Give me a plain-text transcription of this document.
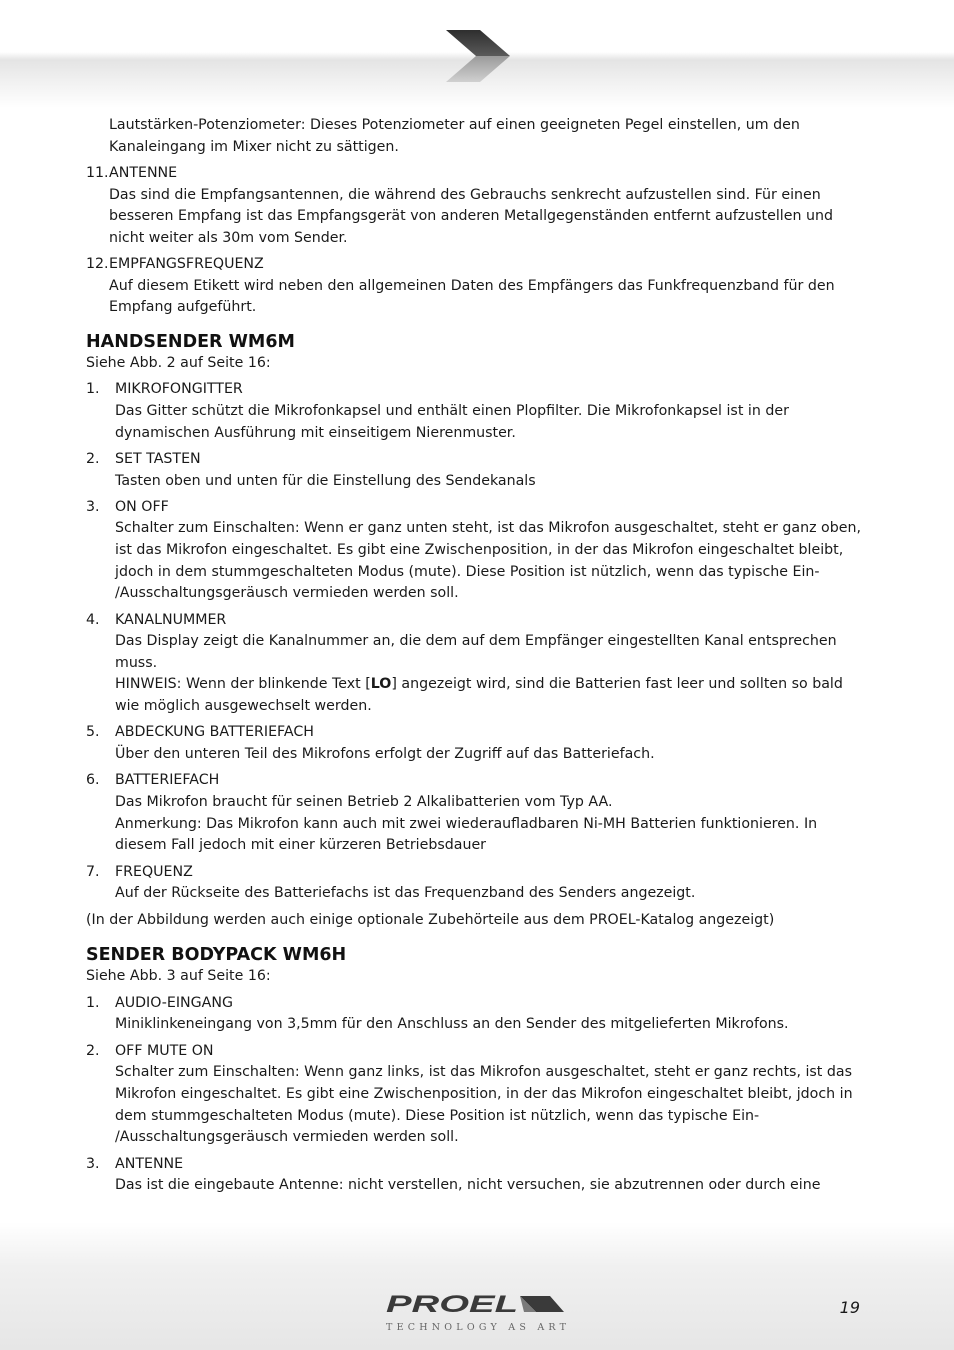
Lautstärken-Potenziometer: Dieses Potenziometer auf einen geeigneten Pegel einstellen, um den
Kanaleingang im Mixer nicht zu sättigen.
11. ANTENNE
Das sind die Empfangsantennen, die während des Gebrauchs senkrecht aufzustellen sind. Für einen
besseren Empfang ist das Empfangsgerät von anderen Metallgegenständen entfernt aufzustellen und
nicht weiter als 30m vom Sender.
12. EMPFANGSFREQUENZ
Auf diesem Etikett wird neben den allgemeinen Daten des Empfängers das Funkfrequenzband für den
Empfang aufgeführt.
HANDSENDER WM6M
Siehe Abb. 2 auf Seite 16:
1.	MIKROFONGITTER
Das Gitter schützt die Mikrofonkapsel und enthält einen Plopfilter. Die Mikrofonkapsel ist in der
dynamischen Ausführung mit einseitigem Nierenmuster.
2.	SET TASTEN
Tasten oben und unten für die Einstellung des Sendekanals
3.	ON OFF
Schalter zum Einschalten: Wenn er ganz unten steht, ist das Mikrofon ausgeschaltet, steht er ganz oben,
ist das Mikrofon eingeschaltet. Es gibt eine Zwischenposition, in der das Mikrofon eingeschaltet bleibt,
jdoch in dem stummgeschalteten Modus (mute). Diese Position ist nützlich, wenn das typische Ein-
/Ausschaltungsgeräusch vermieden werden soll.
4.	KANALNUMMER
Das Display zeigt die Kanalnummer an, die dem auf dem Empfänger eingestellten Kanal entsprechen
muss.
HINWEIS: Wenn der blinkende Text [LO] angezeigt wird, sind die Batterien fast leer und sollten so bald
wie möglich ausgewechselt werden.
5.	ABDECKUNG BATTERIEFACH
Über den unteren Teil des Mikrofons erfolgt der Zugriff auf das Batteriefach.
6.	BATTERIEFACH
Das Mikrofon braucht für seinen Betrieb 2 Alkalibatterien vom Typ AA.
Anmerkung: Das Mikrofon kann auch mit zwei wiederaufladbaren Ni-MH Batterien funktionieren. In
diesem Fall jedoch mit einer kürzeren Betriebsdauer
7.	FREQUENZ
Auf der Rückseite des Batteriefachs ist das Frequenzband des Senders angezeigt.
(In der Abbildung werden auch einige optionale Zubehörteile aus dem PROEL-Katalog angezeigt)
SENDER BODYPACK WM6H
Siehe Abb. 3 auf Seite 16:
1.	AUDIO-EINGANG
Miniklinkeneingang von 3,5mm für den Anschluss an den Sender des mitgelieferten Mikrofons.
2.	OFF MUTE ON
Schalter zum Einschalten: Wenn ganz links, ist das Mikrofon ausgeschaltet, steht er ganz rechts, ist das
Mikrofon eingeschaltet. Es gibt eine Zwischenposition, in der das Mikrofon eingeschaltet bleibt, jdoch in
dem stummgeschalteten Modus (mute). Diese Position ist nützlich, wenn das typische Ein-
/Ausschaltungsgeräusch vermieden werden soll.
3.	ANTENNE
Das ist die eingebaute Antenne: nicht verstellen, nicht versuchen, sie abzutrennen oder durch eine
PROEL
TECHNOLOGY AS ART
19
